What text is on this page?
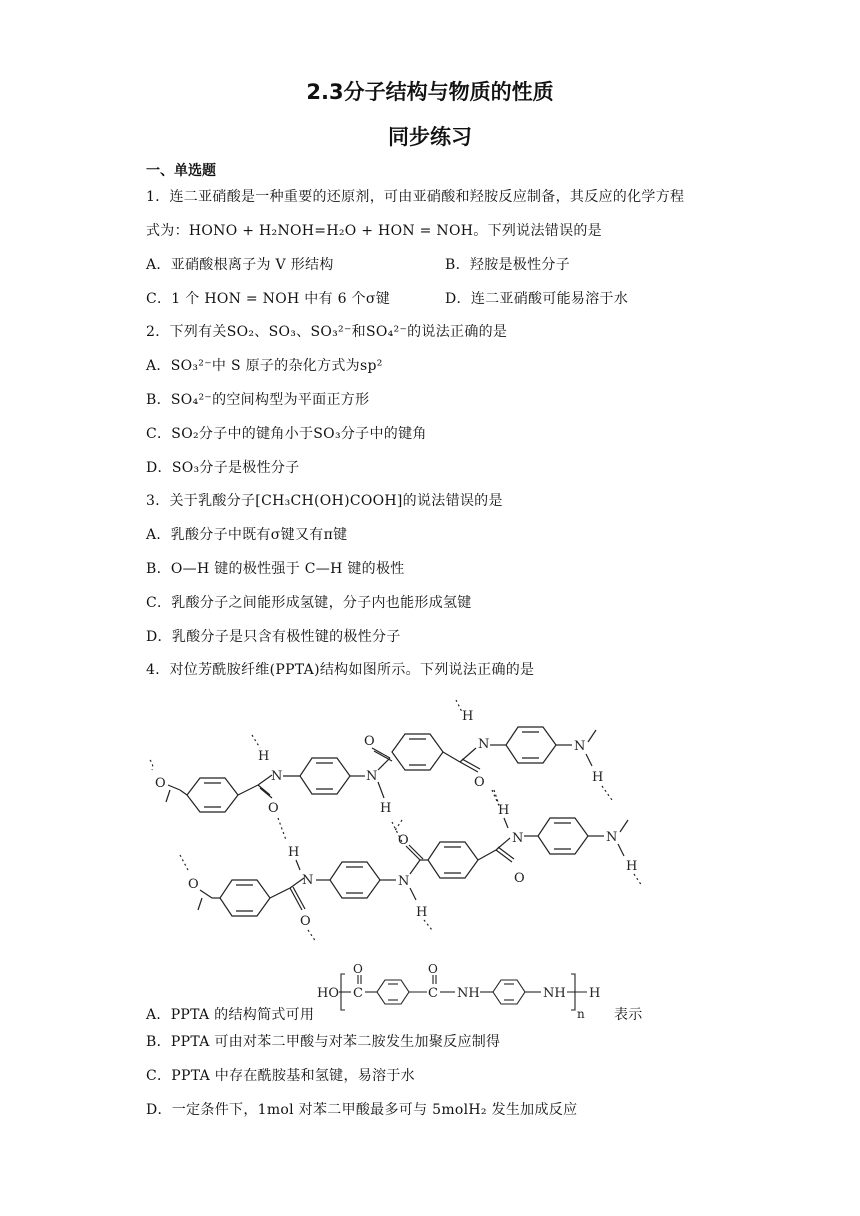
2.3分子结构与物质的性质
同步练习
一、单选题
1．连二亚硝酸是一种重要的还原剂，可由亚硝酸和羟胺反应制备，其反应的化学方程
式为：HONO + H₂NOH=H₂O + HON = NOH。下列说法错误的是
A．亚硝酸根离子为 V 形结构	B．羟胺是极性分子
C．1 个 HON = NOH 中有 6 个σ键	D．连二亚硝酸可能易溶于水
2．下列有关SO₂、SO₃、SO₃²⁻和SO₄²⁻的说法正确的是
A．SO₃²⁻中 S 原子的杂化方式为sp²
B．SO₄²⁻的空间构型为平面正方形
C．SO₂分子中的键角小于SO₃分子中的键角
D．SO₃分子是极性分子
3．关于乳酸分子[CH₃CH(OH)COOH]的说法错误的是
A．乳酸分子中既有σ键又有π键
B．O—H 键的极性强于 C—H 键的极性
C．乳酸分子之间能形成氢键，分子内也能形成氢键
D．乳酸分子是只含有极性键的极性分子
4．对位芳酰胺纤维(PPTA)结构如图所示。下列说法正确的是
O
O
N
H
N
H
O
O
N
H
N
H
O
O
N
H
N
H
O
O
N
H
N
H
A．PPTA 的结构简式可用
HO C
O
C
O
NH	NH H
n 表示
B．PPTA 可由对苯二甲酸与对苯二胺发生加聚反应制得
C．PPTA 中存在酰胺基和氢键，易溶于水
D．一定条件下，1mol 对苯二甲酸最多可与 5molH₂ 发生加成反应
